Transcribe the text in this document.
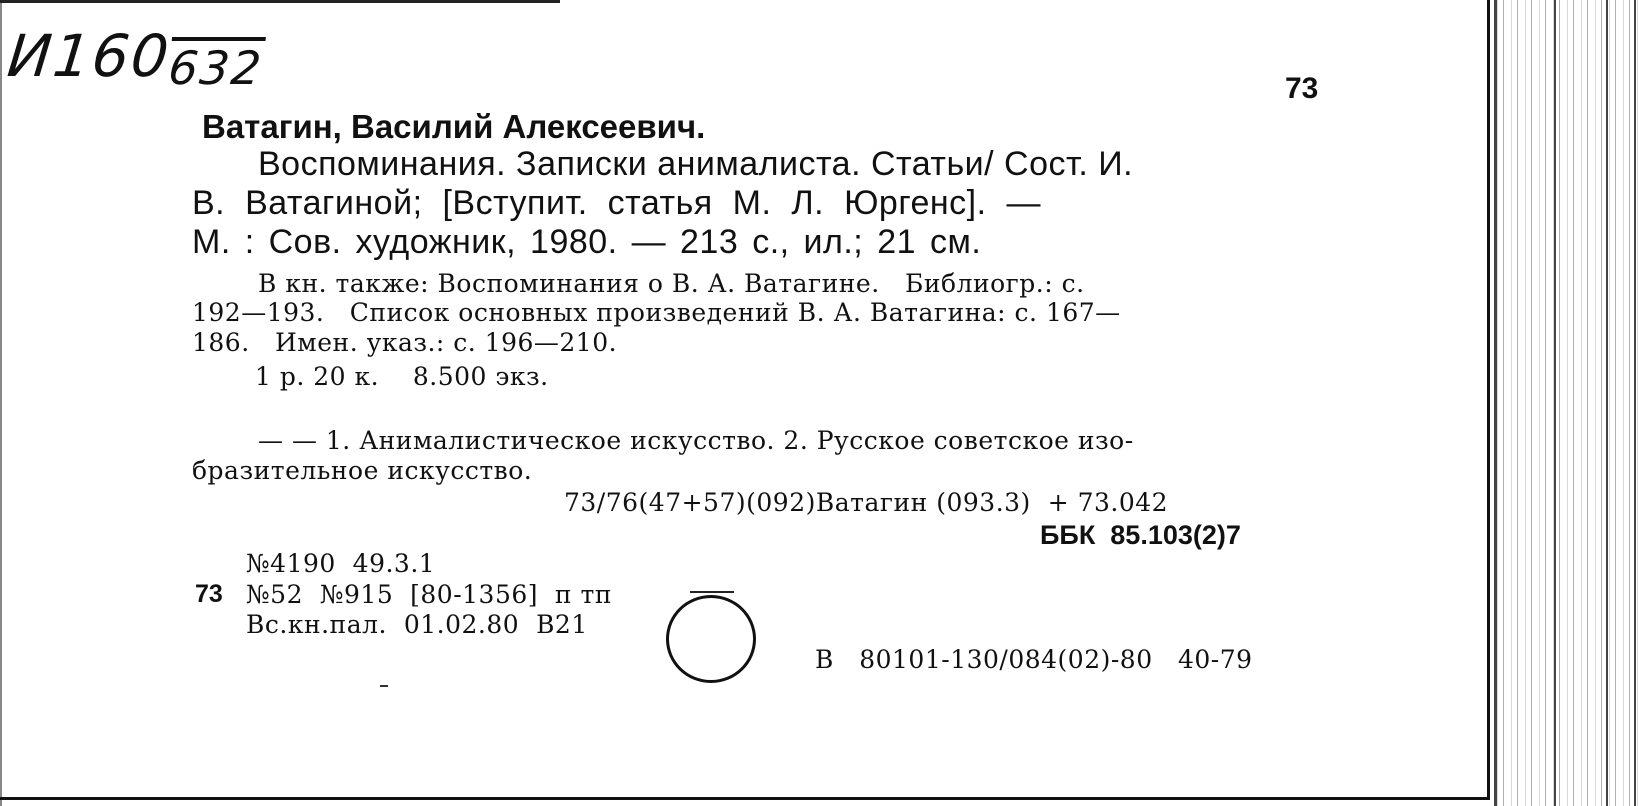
И160632	73
Ватагин, Василий Алексеевич.
Воспоминания. Записки анималиста. Статьи/ Сост. И.
В. Ватагиной; [Вступит. статья М. Л. Юргенс]. —
М. : Сов. художник, 1980. — 213 с., ил.; 21 см.
В кн. также: Воспоминания о В. А. Ватагине.   Библиогр.: с.
192—193.   Список основных произведений В. А. Ватагина: с. 167—
186.   Имен. указ.: с. 196—210.
1 р. 20 к.    8.500 экз.
— — 1. Анималистическое искусство. 2. Русское советское изо-
бразительное искусство.
73/76(47+57)(092)Ватагин (093.3)  + 73.042
ББК  85.103(2)7
№4190  49.3.1
73 №52  №915  [80-1356]  п тп
Вс.кн.пал.  01.02.80  В21
В   80101-130/084(02)-80   40-79
